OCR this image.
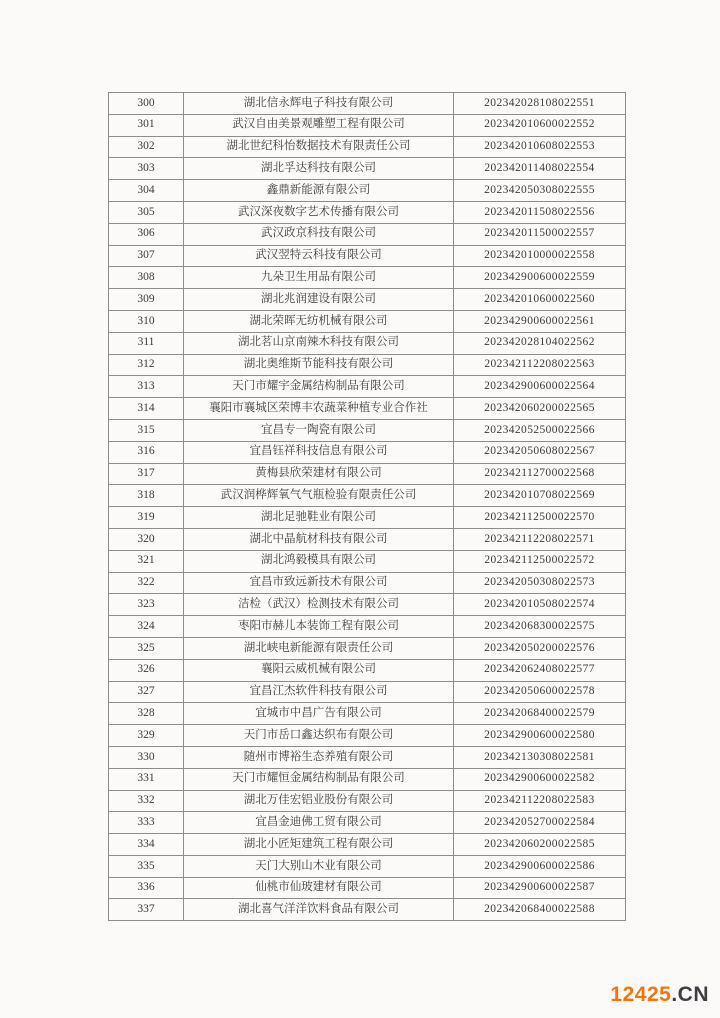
300	湖北信永辉电子科技有限公司	202342028108022551
301	武汉自由美景观雕塑工程有限公司	202342010600022552
302	湖北世纪科怡数据技术有限责任公司	202342010608022553
303	湖北孚达科技有限公司	202342011408022554
304	鑫鼎新能源有限公司	202342050308022555
305	武汉深夜数字艺术传播有限公司	202342011508022556
306	武汉政京科技有限公司	202342011500022557
307	武汉翌特云科技有限公司	202342010000022558
308	九朵卫生用品有限公司	202342900600022559
309	湖北兆润建设有限公司	202342010600022560
310	湖北荣晖无纺机械有限公司	202342900600022561
311	湖北茗山京南辣木科技有限公司	202342028104022562
312	湖北奥维斯节能科技有限公司	202342112208022563
313	天门市耀宇金属结构制品有限公司	202342900600022564
314	襄阳市襄城区荣博丰农蔬菜种植专业合作社	202342060200022565
315	宜昌专一陶瓷有限公司	202342052500022566
316	宜昌钰祥科技信息有限公司	202342050608022567
317	黄梅县欣荣建材有限公司	202342112700022568
318	武汉润桦辉氧气气瓶检验有限责任公司	202342010708022569
319	湖北足驰鞋业有限公司	202342112500022570
320	湖北中晶航材科技有限公司	202342112208022571
321	湖北鸿毅模具有限公司	202342112500022572
322	宜昌市致远新技术有限公司	202342050308022573
323	洁检（武汉）检测技术有限公司	202342010508022574
324	枣阳市赫儿本装饰工程有限公司	202342068300022575
325	湖北峡电新能源有限责任公司	202342050200022576
326	襄阳云威机械有限公司	202342062408022577
327	宜昌江杰软件科技有限公司	202342050600022578
328	宜城市中昌广告有限公司	202342068400022579
329	天门市岳口鑫达织布有限公司	202342900600022580
330	随州市博裕生态养殖有限公司	202342130308022581
331	天门市耀恒金属结构制品有限公司	202342900600022582
332	湖北万佳宏铝业股份有限公司	202342112208022583
333	宜昌金迪佛工贸有限公司	202342052700022584
334	湖北小匠矩建筑工程有限公司	202342060200022585
335	天门大别山木业有限公司	202342900600022586
336	仙桃市仙玻建材有限公司	202342900600022587
337	湖北喜气洋洋饮料食品有限公司	202342068400022588
12425.CN
